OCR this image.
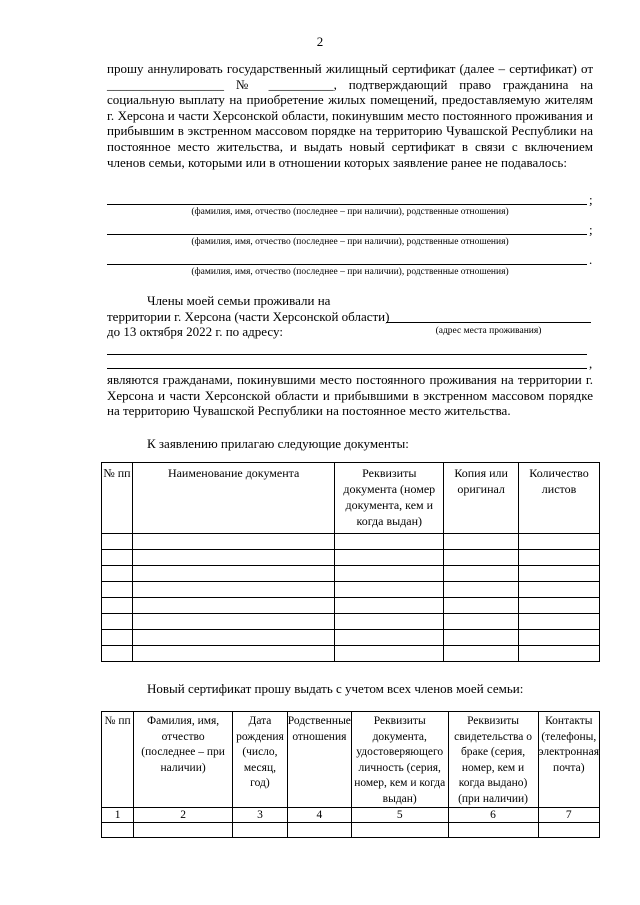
2
прошу аннулировать государственный жилищный сертификат (далее – сертификат) от __________________ № __________, подтверждающий право гражданина на социальную выплату на приобретение жилых помещений, предоставляемую жителям г. Херсона и части Херсонской области, покинувшим место постоянного проживания и прибывшим в экстренном массовом порядке на территорию Чувашской Республики на постоянное место жительства, и выдать новый сертификат в связи с включением членов семьи, которыми или в отношении которых заявление ранее не подавалось:
;
(фамилия, имя, отчество (последнее – при наличии), родственные отношения)
;
(фамилия, имя, отчество (последнее – при наличии), родственные отношения)
.
(фамилия, имя, отчество (последнее – при наличии), родственные отношения)
Члены моей семьи проживали на территории г. Херсона (части Херсонской области) до 13 октября 2022 г. по адресу:	(адрес места проживания)
,
являются гражданами, покинувшими место постоянного проживания на территории г. Херсона и части Херсонской области и прибывшими в экстренном массовом порядке на территорию Чувашской Республики на постоянное место жительства.
К заявлению прилагаю следующие документы:
№ пп	Наименование документа	Реквизиты документа (номер документа, кем и когда выдан)	Копия или оригинал	Количество листов

Новый сертификат прошу выдать с учетом всех членов моей семьи:
№ пп	Фамилия, имя, отчество (последнее – при наличии)	Дата рождения (число, месяц, год)	Родственные отношения	Реквизиты документа, удостоверяющего личность (серия, номер, кем и когда выдан)	Реквизиты свидетельства о браке (серия, номер, кем и когда выдано) (при наличии)	Контакты (телефоны, электронная почта)
1	2	3	4	5	6	7
